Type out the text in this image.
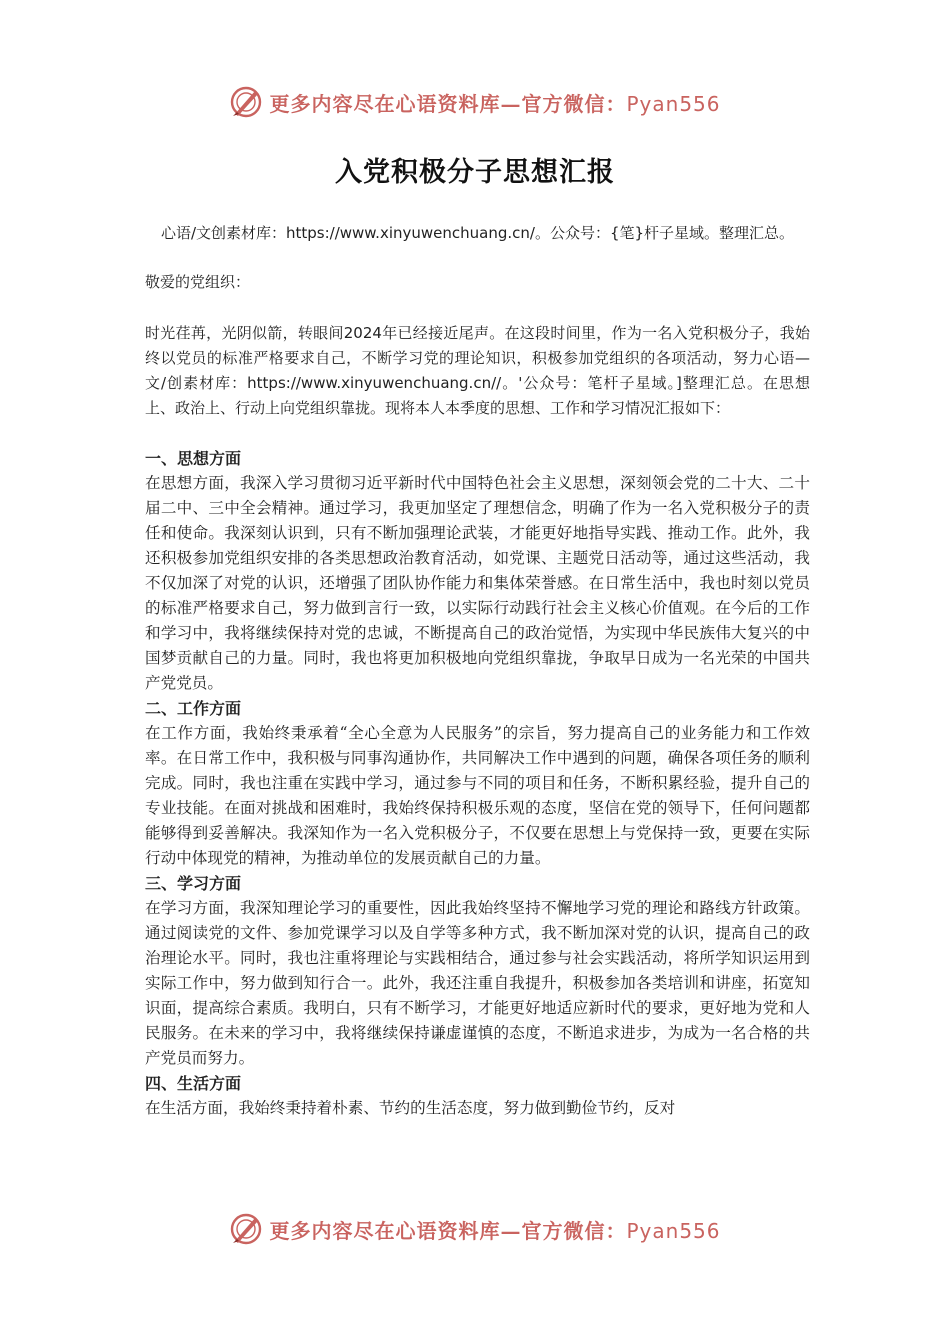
更多内容尽在心语资料库—官方微信：Pyan556
入党积极分子思想汇报
心语/文创素材库：https://www.xinyuwenchuang.cn/。公众号：{笔}杆子星域。整理汇总。
敬爱的党组织：
时光荏苒，光阴似箭，转眼间2024年已经接近尾声。在这段时间里，作为一名入党积极分子，我始终以党员的标准严格要求自己，不断学习党的理论知识，积极参加党组织的各项活动，努力心语—文/创素材库：https://www.xinyuwenchuang.cn//。'公众号：笔杆子星域。]整理汇总。在思想上、政治上、行动上向党组织靠拢。现将本人本季度的思想、工作和学习情况汇报如下：
一、思想方面

在思想方面，我深入学习贯彻习近平新时代中国特色社会主义思想，深刻领会党的二十大、二十届二中、三中全会精神。通过学习，我更加坚定了理想信念，明确了作为一名入党积极分子的责任和使命。我深刻认识到，只有不断加强理论武装，才能更好地指导实践、推动工作。此外，我还积极参加党组织安排的各类思想政治教育活动，如党课、主题党日活动等，通过这些活动，我不仅加深了对党的认识，还增强了团队协作能力和集体荣誉感。在日常生活中，我也时刻以党员的标准严格要求自己，努力做到言行一致，以实际行动践行社会主义核心价值观。在今后的工作和学习中，我将继续保持对党的忠诚，不断提高自己的政治觉悟，为实现中华民族伟大复兴的中国梦贡献自己的力量。同时，我也将更加积极地向党组织靠拢，争取早日成为一名光荣的中国共产党党员。

二、工作方面

在工作方面，我始终秉承着“全心全意为人民服务”的宗旨，努力提高自己的业务能力和工作效率。在日常工作中，我积极与同事沟通协作，共同解决工作中遇到的问题，确保各项任务的顺利完成。同时，我也注重在实践中学习，通过参与不同的项目和任务，不断积累经验，提升自己的专业技能。在面对挑战和困难时，我始终保持积极乐观的态度，坚信在党的领导下，任何问题都能够得到妥善解决。我深知作为一名入党积极分子，不仅要在思想上与党保持一致，更要在实际行动中体现党的精神，为推动单位的发展贡献自己的力量。

三、学习方面

在学习方面，我深知理论学习的重要性，因此我始终坚持不懈地学习党的理论和路线方针政策。通过阅读党的文件、参加党课学习以及自学等多种方式，我不断加深对党的认识，提高自己的政治理论水平。同时，我也注重将理论与实践相结合，通过参与社会实践活动，将所学知识运用到实际工作中，努力做到知行合一。此外，我还注重自我提升，积极参加各类培训和讲座，拓宽知识面，提高综合素质。我明白，只有不断学习，才能更好地适应新时代的要求，更好地为党和人民服务。在未来的学习中，我将继续保持谦虚谨慎的态度，不断追求进步，为成为一名合格的共产党员而努力。

四、生活方面

在生活方面，我始终秉持着朴素、节约的生活态度，努力做到勤俭节约，反对

更多内容尽在心语资料库—官方微信：Pyan556
